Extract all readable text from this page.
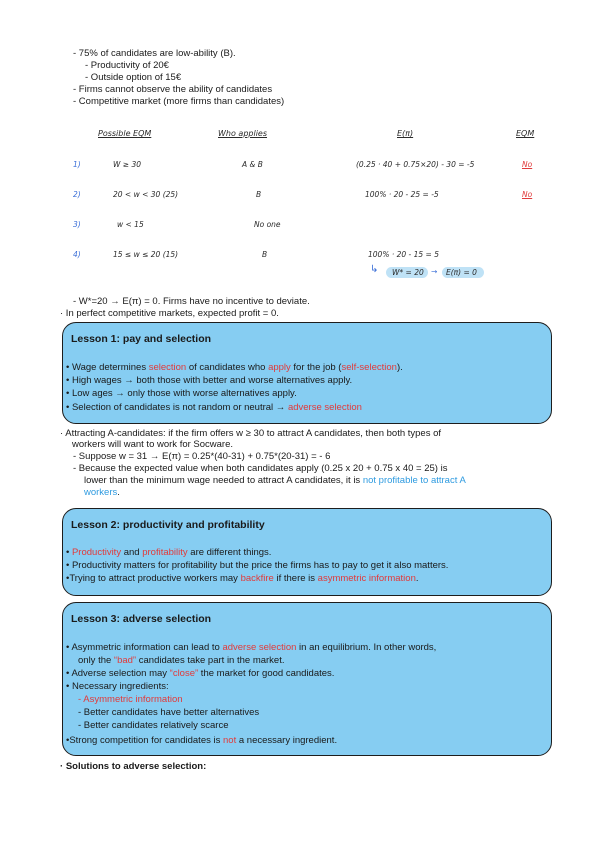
- 75% of candidates are low-ability (B).
- Productivity of 20€
- Outside option of 15€
- Firms cannot observe the ability of candidates
- Competitive market (more firms than candidates)
Possible EQM	Who applies	E(π)	EQM
1)	W ≥ 30	A & B	(0.25 · 40 + 0.75×20) - 30 = -5	No
2)	20 < w < 30 (25)	B	100% · 20 - 25 = -5	No
3)	w < 15	No one
4)	15 ≤ w ≤ 20 (15)	B	100% · 20 - 15 = 5
↳ W* = 20 → E(π) = 0
- W*=20 → E(π) = 0. Firms have no incentive to deviate.
· In perfect competitive markets, expected profit = 0.
Lesson 1: pay and selection
• Wage determines selection of candidates who apply for the job (self-selection).
• High wages → both those with better and worse alternatives apply.
• Low ages → only those with worse alternatives apply.
• Selection of candidates is not random or neutral → adverse selection
· Attracting A-candidates: if the firm offers w ≥ 30 to attract A candidates, then both types of
workers will want to work for Socware.
- Suppose w = 31 → E(π) = 0.25*(40-31) + 0.75*(20-31) = - 6
- Because the expected value when both candidates apply (0.25 x 20 + 0.75 x 40 = 25) is
lower than the minimum wage needed to attract A candidates, it is not profitable to attract A
workers.
Lesson 2: productivity and profitability
• Productivity and profitability are different things.
• Productivity matters for profitability but the price the firms has to pay to get it also matters.
•Trying to attract productive workers may backfire if there is asymmetric information.
Lesson 3: adverse selection
• Asymmetric information can lead to adverse selection in an equilibrium. In other words,
only the “bad” candidates take part in the market.
• Adverse selection may “close” the market for good candidates.
• Necessary ingredients:
- Asymmetric information
- Better candidates have better alternatives
- Better candidates relatively scarce
•Strong competition for candidates is not a necessary ingredient.
· Solutions to adverse selection:
